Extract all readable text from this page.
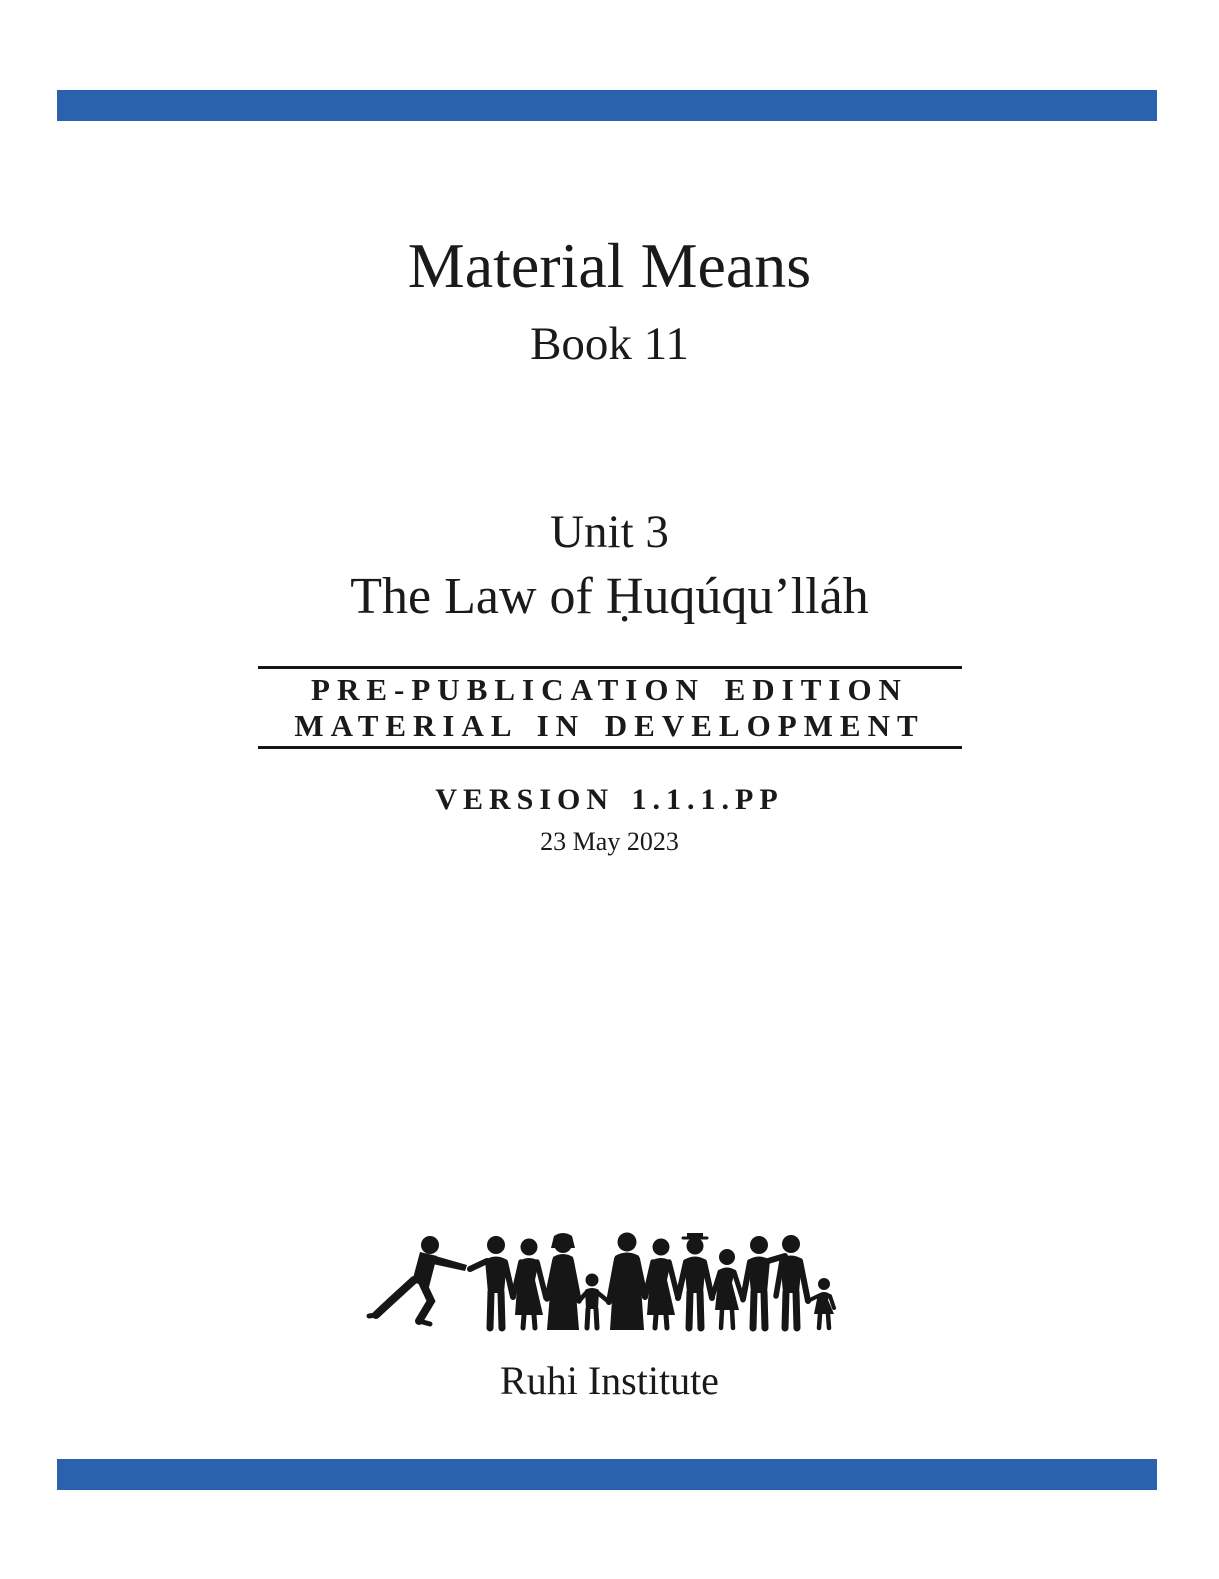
Material Means
Book 11
Unit 3
The Law of Ḥuqúqu’lláh
PRE-PUBLICATION EDITION
MATERIAL IN DEVELOPMENT
VERSION 1.1.1.PP
23 May 2023
Ruhi Institute
